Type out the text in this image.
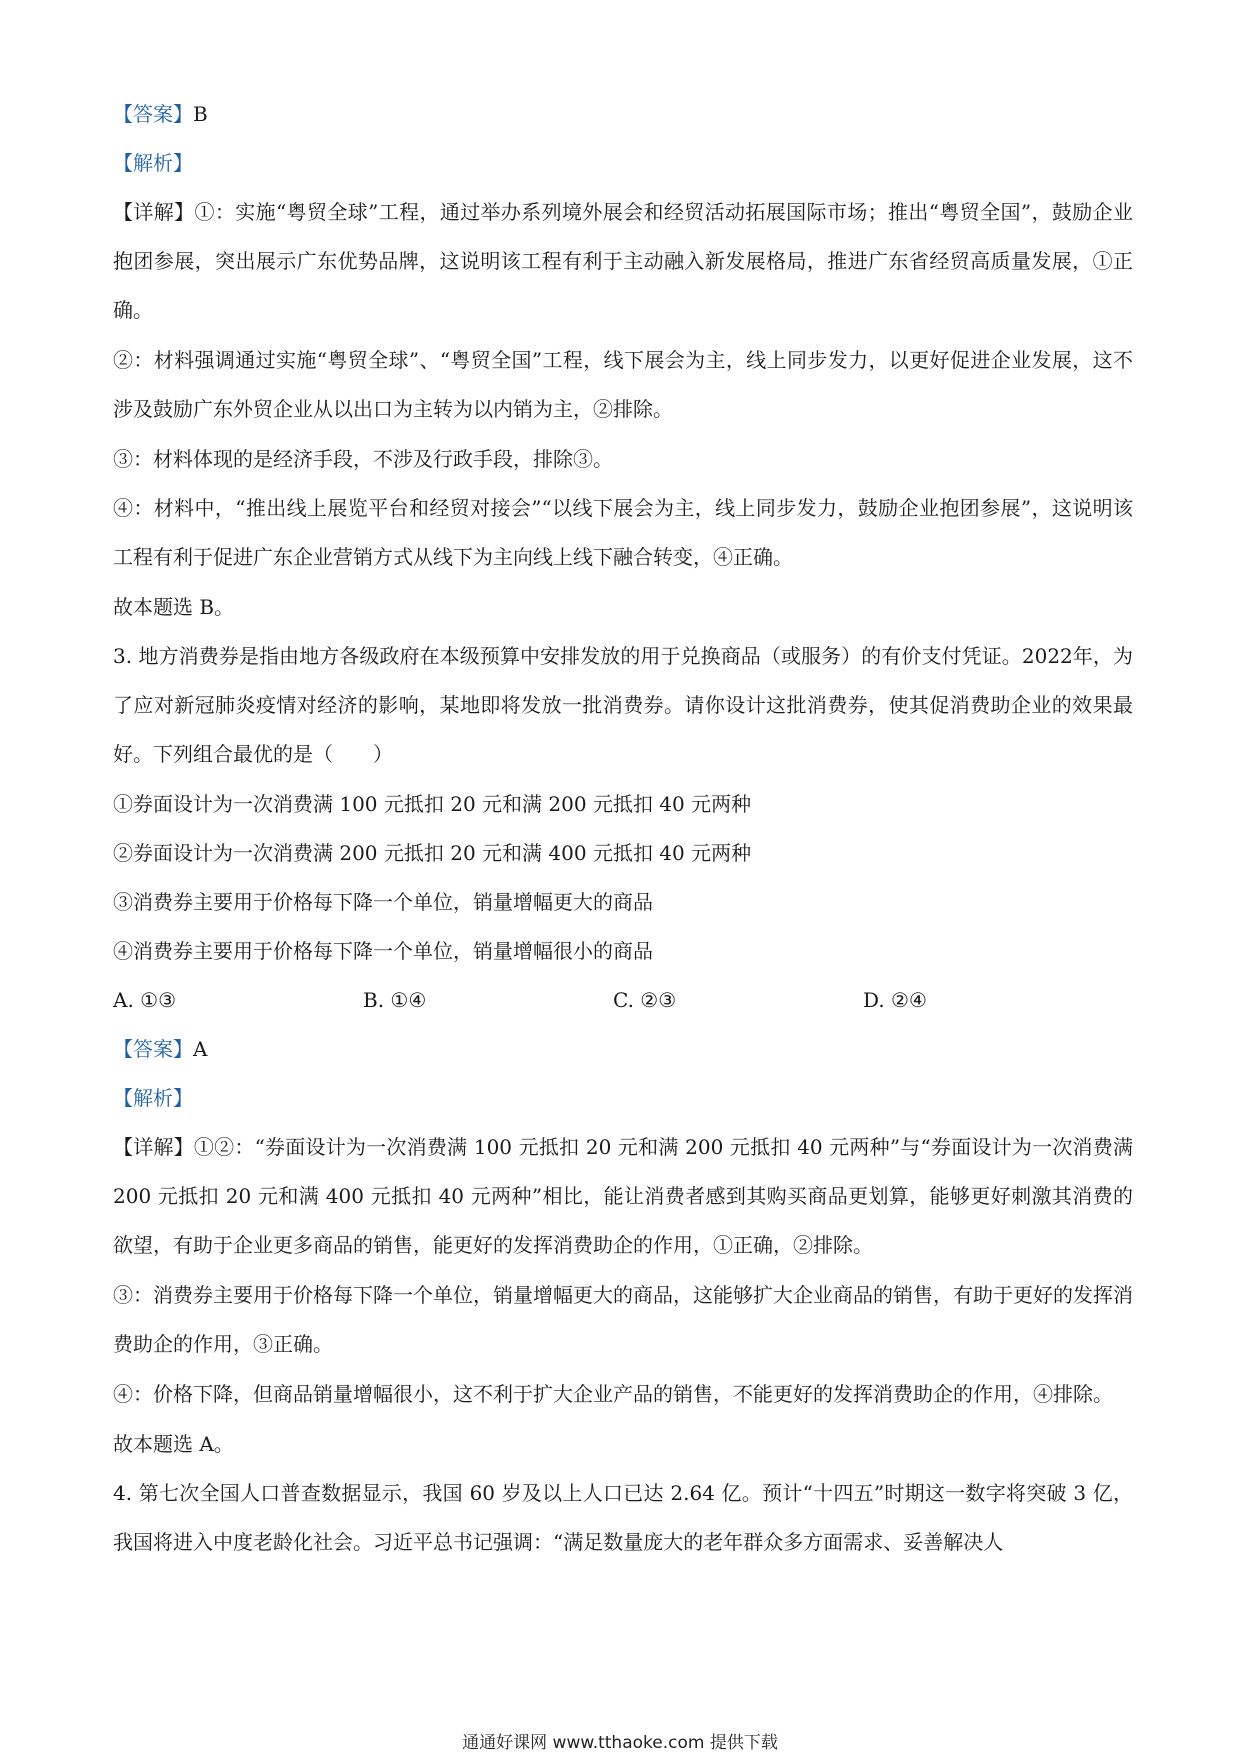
【答案】B

【解析】

【详解】①：实施“粤贸全球”工程，通过举办系列境外展会和经贸活动拓展国际市场；推出“粤贸全国”，鼓励企业抱团参展，突出展示广东优势品牌，这说明该工程有利于主动融入新发展格局，推进广东省经贸高质量发展，①正确。

②：材料强调通过实施“粤贸全球”、“粤贸全国”工程，线下展会为主，线上同步发力，以更好促进企业发展，这不涉及鼓励广东外贸企业从以出口为主转为以内销为主，②排除。

③：材料体现的是经济手段，不涉及行政手段，排除③。

④：材料中，“推出线上展览平台和经贸对接会”“以线下展会为主，线上同步发力，鼓励企业抱团参展”，这说明该工程有利于促进广东企业营销方式从线下为主向线上线下融合转变，④正确。

故本题选 B。

3. 地方消费券是指由地方各级政府在本级预算中安排发放的用于兑换商品（或服务）的有价支付凭证。2022年，为了应对新冠肺炎疫情对经济的影响，某地即将发放一批消费券。请你设计这批消费券，使其促消费助企业的效果最好。下列组合最优的是（　　）

①券面设计为一次消费满 100 元抵扣 20 元和满 200 元抵扣 40 元两种

②券面设计为一次消费满 200 元抵扣 20 元和满 400 元抵扣 40 元两种

③消费券主要用于价格每下降一个单位，销量增幅更大的商品

④消费券主要用于价格每下降一个单位，销量增幅很小的商品

A. ①③	B. ①④	C. ②③	D. ②④

【答案】A

【解析】

【详解】①②：“券面设计为一次消费满 100 元抵扣 20 元和满 200 元抵扣 40 元两种”与“券面设计为一次消费满 200 元抵扣 20 元和满 400 元抵扣 40 元两种”相比，能让消费者感到其购买商品更划算，能够更好刺激其消费的欲望，有助于企业更多商品的销售，能更好的发挥消费助企的作用，①正确，②排除。

③：消费券主要用于价格每下降一个单位，销量增幅更大的商品，这能够扩大企业商品的销售，有助于更好的发挥消费助企的作用，③正确。

④：价格下降，但商品销量增幅很小，这不利于扩大企业产品的销售，不能更好的发挥消费助企的作用，④排除。

故本题选 A。

4. 第七次全国人口普查数据显示，我国 60 岁及以上人口已达 2.64 亿。预计“十四五”时期这一数字将突破 3 亿，我国将进入中度老龄化社会。习近平总书记强调：“满足数量庞大的老年群众多方面需求、妥善解决人

通通好课网 www.tthaoke.com 提供下载
